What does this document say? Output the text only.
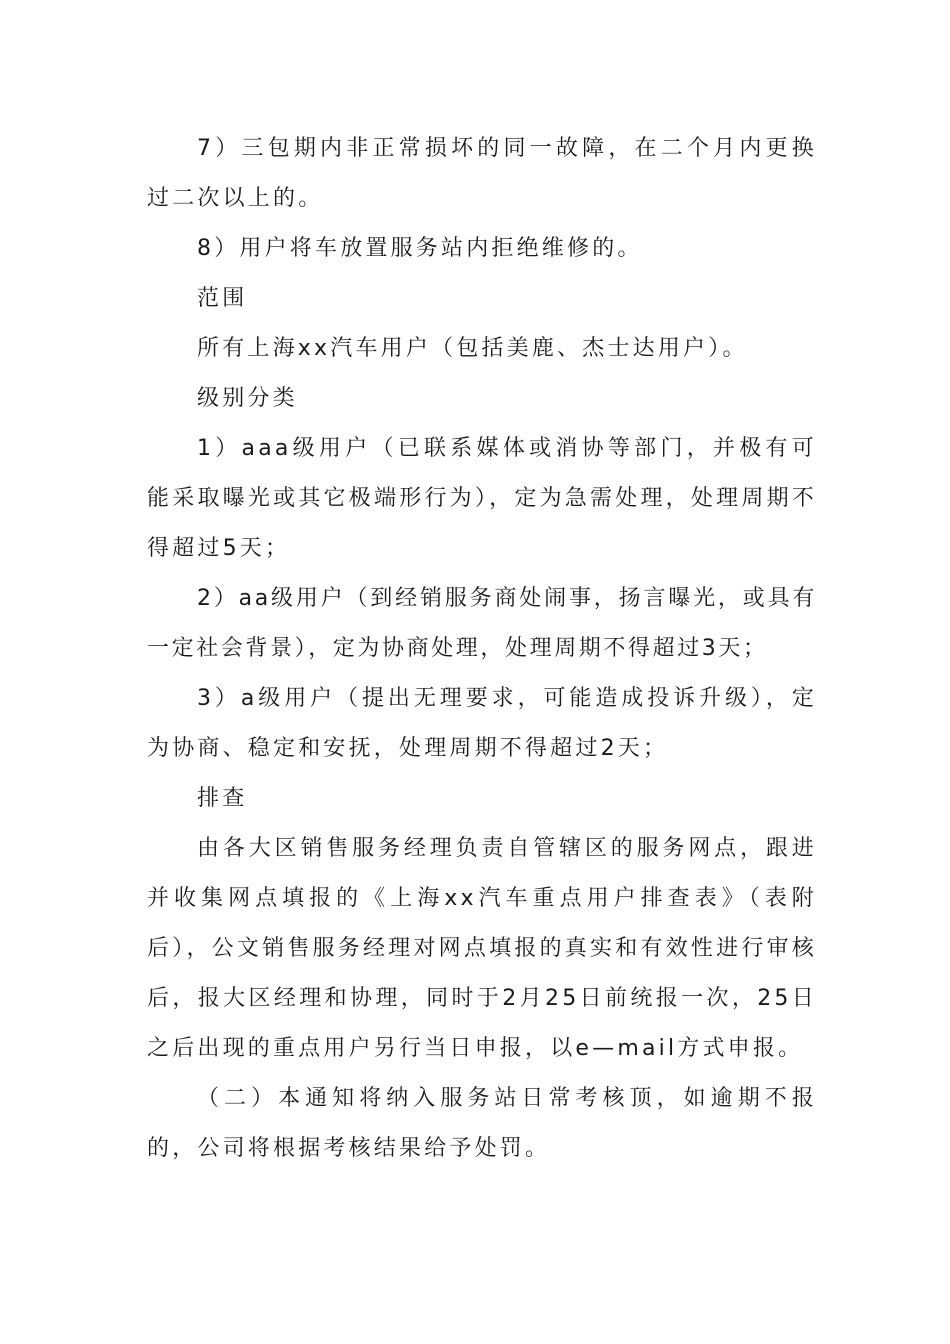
7）三包期内非正常损坏的同一故障，在二个月内更换过二次以上的。

8）用户将车放置服务站内拒绝维修的。

范围

所有上海xx汽车用户（包括美鹿、杰士达用户）。

级别分类

1）aaa级用户（已联系媒体或消协等部门，并极有可能采取曝光或其它极端形行为），定为急需处理，处理周期不得超过5天；

2）aa级用户（到经销服务商处闹事，扬言曝光，或具有一定社会背景），定为协商处理，处理周期不得超过3天；

3）a级用户（提出无理要求，可能造成投诉升级），定为协商、稳定和安抚，处理周期不得超过2天；

排查

由各大区销售服务经理负责自管辖区的服务网点，跟进并收集网点填报的《上海xx汽车重点用户排查表》（表附后），公文销售服务经理对网点填报的真实和有效性进行审核后，报大区经理和协理，同时于2月25日前统报一次，25日之后出现的重点用户另行当日申报，以e—mail方式申报。

（二）本通知将纳入服务站日常考核顶，如逾期不报的，公司将根据考核结果给予处罚。
